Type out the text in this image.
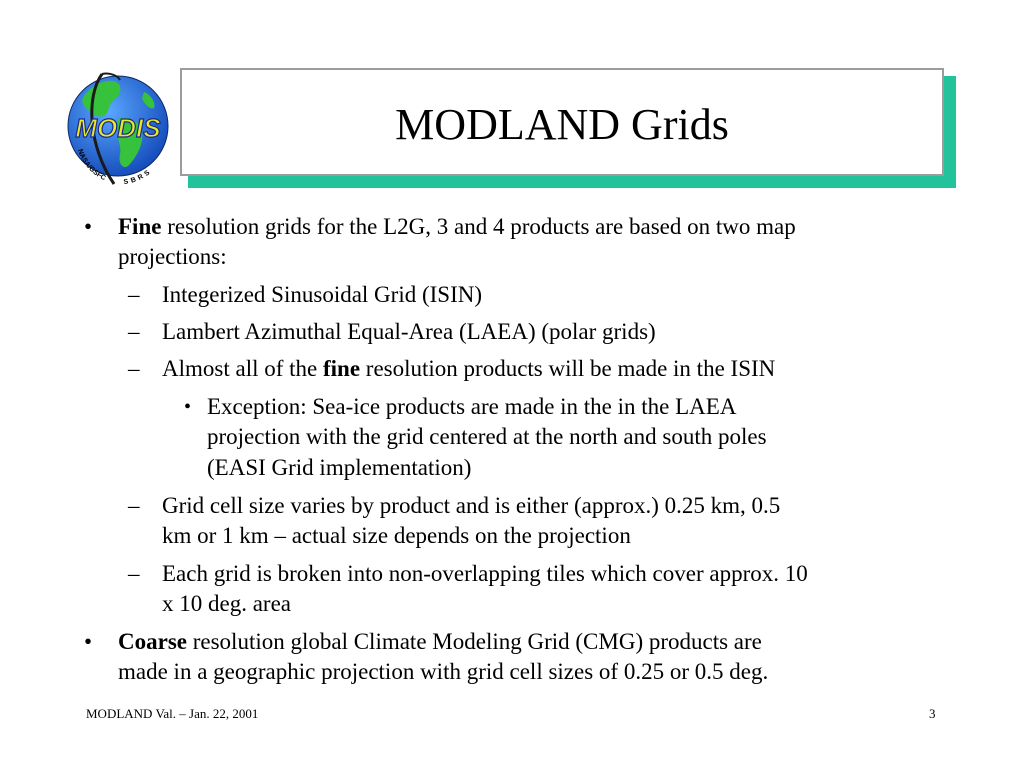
MODIS
NASA/GSFC SBRS
MODLAND Grids
• Fine resolution grids for the L2G, 3 and 4 products are based on two map
projections:
– Integerized Sinusoidal Grid (ISIN)
– Lambert Azimuthal Equal-Area (LAEA) (polar grids)
– Almost all of the fine resolution products will be made in the ISIN
• Exception: Sea-ice products are made in the in the LAEA
projection with the grid centered at the north and south poles
(EASI Grid implementation)
– Grid cell size varies by product and is either (approx.) 0.25 km, 0.5
km or 1 km – actual size depends on the projection
– Each grid is broken into non-overlapping tiles which cover approx. 10
x 10 deg. area
• Coarse resolution global Climate Modeling Grid (CMG) products are
made in a geographic projection with grid cell sizes of 0.25 or 0.5 deg.
MODLAND Val. – Jan. 22, 2001	3
